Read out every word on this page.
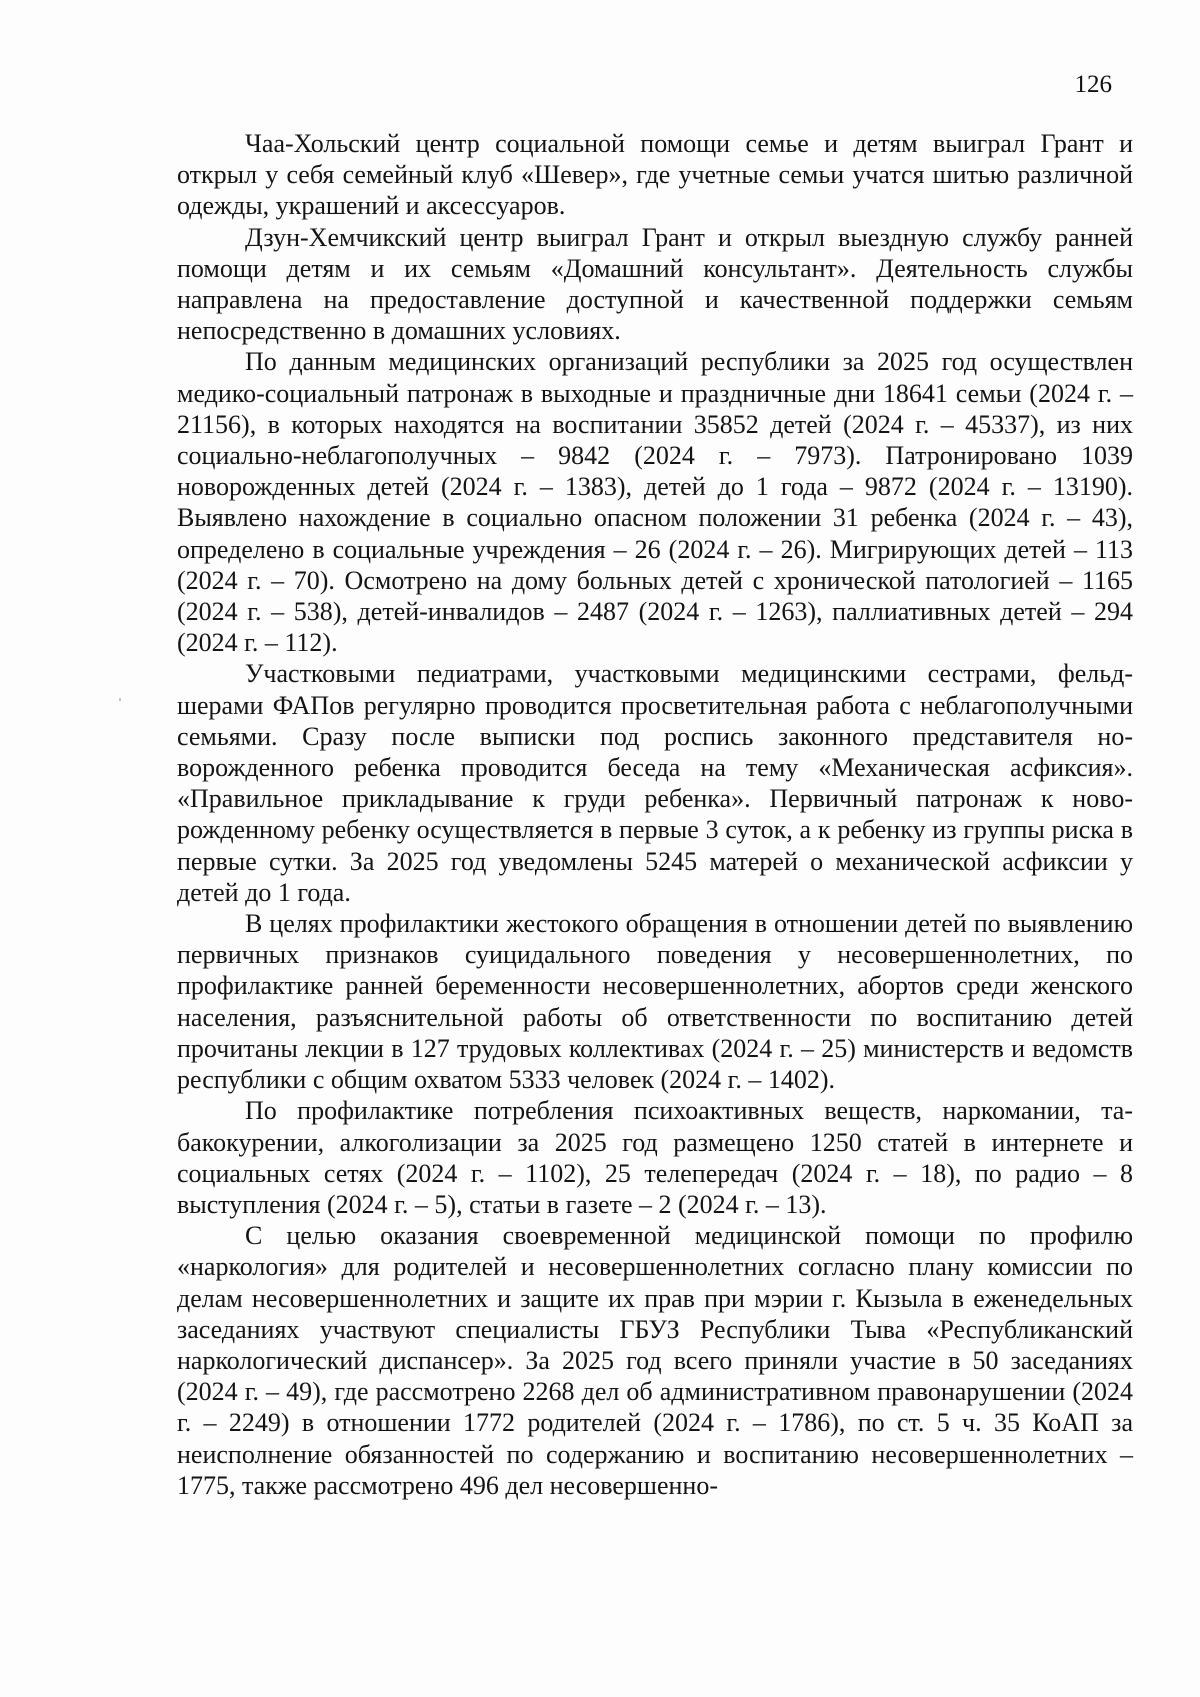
126

Чаа-Хольский центр социальной помощи семье и детям выиграл Грант и открыл у себя семейный клуб «Шевер», где учетные семьи учатся шитью различной одежды, украшений и аксессуаров.

Дзун-Хемчикский центр выиграл Грант и открыл выездную службу ранней помощи детям и их семьям «Домашний консультант». Деятельность службы направлена на предоставление доступной и качественной поддержки семьям непосредственно в домашних условиях.

По данным медицинских организаций республики за 2025 год осуществлен медико-социальный патронаж в выходные и праздничные дни 18641 семьи (2024 г. – 21156), в которых находятся на воспитании 35852 детей (2024 г. – 45337), из них социально-неблагополучных – 9842 (2024 г. – 7973). Патронировано 1039 новорожденных детей (2024 г. – 1383), детей до 1 года – 9872 (2024 г. – 13190). Выявлено нахождение в социально опасном положении 31 ребенка (2024 г. – 43), определено в социальные учреждения – 26 (2024 г. – 26). Мигрирующих детей – 113 (2024 г. – 70). Осмотрено на дому больных детей с хронической патологией – 1165 (2024 г. – 538), детей-инвалидов – 2487 (2024 г. – 1263), паллиативных детей – 294 (2024 г. – 112).

Участковыми педиатрами, участковыми медицинскими сестрами, фельдшерами ФАПов регулярно проводится просветительная работа с неблагополучными семьями. Сразу после выписки под роспись законного представителя новорожденного ребенка проводится беседа на тему «Механическая асфиксия». «Правильное прикладывание к груди ребенка». Первичный патронаж к новорожденному ребенку осуществляется в первые 3 суток, а к ребенку из группы риска в первые сутки. За 2025 год уведомлены 5245 матерей о механической асфиксии у детей до 1 года.

В целях профилактики жестокого обращения в отношении детей по выявлению первичных признаков суицидального поведения у несовершеннолетних, по профилактике ранней беременности несовершеннолетних, абортов среди женского населения, разъяснительной работы об ответственности по воспитанию детей прочитаны лекции в 127 трудовых коллективах (2024 г. – 25) министерств и ведомств республики с общим охватом 5333 человек (2024 г. – 1402).

По профилактике потребления психоактивных веществ, наркомании, табакокурении, алкоголизации за 2025 год размещено 1250 статей в интернете и социальных сетях (2024 г. – 1102), 25 телепередач (2024 г. – 18), по радио – 8 выступления (2024 г. – 5), статьи в газете – 2 (2024 г. – 13).

С целью оказания своевременной медицинской помощи по профилю «наркология» для родителей и несовершеннолетних согласно плану комиссии по делам несовершеннолетних и защите их прав при мэрии г. Кызыла в еженедельных заседаниях участвуют специалисты ГБУЗ Республики Тыва «Республиканский наркологический диспансер». За 2025 год всего приняли участие в 50 заседаниях (2024 г. – 49), где рассмотрено 2268 дел об административном правонарушении (2024 г. – 2249) в отношении 1772 родителей (2024 г. – 1786), по ст. 5 ч. 35 КоАП за неисполнение обязанностей по содержанию и воспитанию несовершеннолетних – 1775, также рассмотрено 496 дел несовершенно-
